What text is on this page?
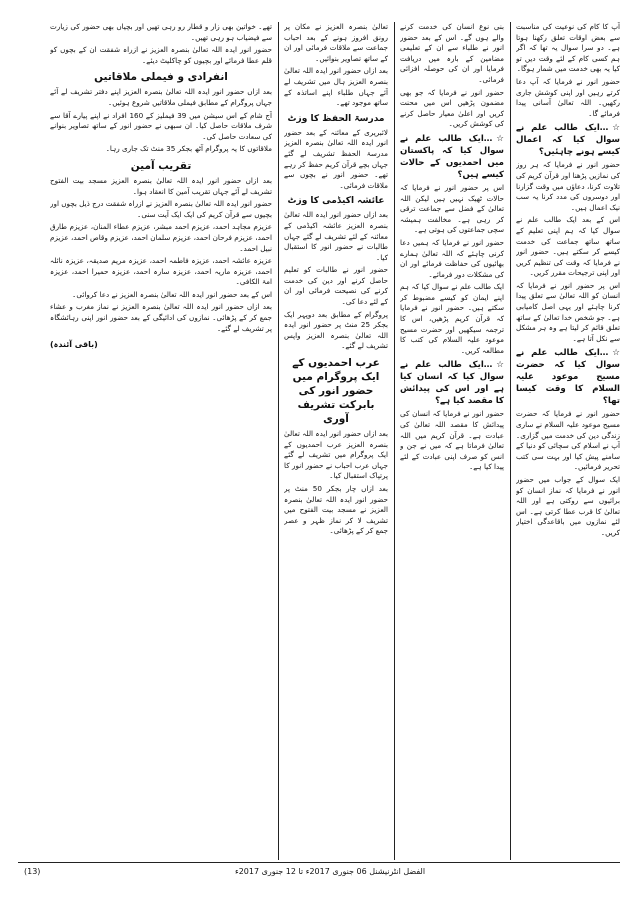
آپ کا کام کی نوعیت کی مناسبت سے بعض اوقات تعلق رکھنا ہوتا ہے۔ دو سرا سوال یہ تھا کہ اگر ہم کسی کام کے لئے وقت دیں تو کیا یہ بھی خدمت میں شمار ہوگا۔

حضور انور نے فرمایا کہ آپ دعا کرتے رہیں اور اپنی کوشش جاری رکھیں۔ اللہ تعالیٰ آسانی پیدا فرمائے گا۔

☆…ایک طالب علم نے سوال کیا کہ اعمال کیسے ہونے چاہئیں؟

حضور انور نے فرمایا کہ ہر روز کی نمازیں پڑھنا اور قرآن کریم کی تلاوت کرنا، دعاؤں میں وقت گزارنا اور دوسروں کی مدد کرنا یہ سب نیک اعمال ہیں۔

اس کے بعد ایک طالب علم نے سوال کیا کہ ہم اپنی تعلیم کے ساتھ ساتھ جماعت کی خدمت کیسے کر سکتے ہیں۔ حضور انور نے فرمایا کہ وقت کی تنظیم کریں اور اپنی ترجیحات مقرر کریں۔

اس پر حضور انور نے فرمایا کہ انسان کو اللہ تعالیٰ سے تعلق پیدا کرنا چاہئے اور یہی اصل کامیابی ہے۔ جو شخص خدا تعالیٰ کے ساتھ تعلق قائم کر لیتا ہے وہ ہر مشکل سے نکل آتا ہے۔

☆…ایک طالب علم نے سوال کیا کہ حضرت مسیح موعود علیہ السلام کا وقت کیسا تھا؟

حضور انور نے فرمایا کہ حضرت مسیح موعود علیہ السلام نے ساری زندگی دین کی خدمت میں گزاری۔ آپ نے اسلام کی سچائی کو دنیا کے سامنے پیش کیا اور بہت سی کتب تحریر فرمائیں۔

ایک سوال کے جواب میں حضور انور نے فرمایا کہ نماز انسان کو برائیوں سے روکتی ہے اور اللہ تعالیٰ کا قرب عطا کرتی ہے۔ اس لئے نمازوں میں باقاعدگی اختیار کریں۔

بنی نوع انسان کی خدمت کرنے والے ہوں گے۔ اس کے بعد حضور انور نے طلباء سے ان کے تعلیمی مضامین کے بارہ میں دریافت فرمایا اور ان کی حوصلہ افزائی فرمائی۔

حضور انور نے فرمایا کہ جو بھی مضمون پڑھیں اس میں محنت کریں اور اعلیٰ معیار حاصل کرنے کی کوشش کریں۔

☆…ایک طالب علم نے سوال کیا کہ پاکستان میں احمدیوں کے حالات کیسے ہیں؟

اس پر حضور انور نے فرمایا کہ حالات ٹھیک نہیں ہیں لیکن اللہ تعالیٰ کے فضل سے جماعت ترقی کر رہی ہے۔ مخالفت ہمیشہ سچی جماعتوں کی ہوتی ہے۔

حضور انور نے فرمایا کہ ہمیں دعا کرنی چاہئے کہ اللہ تعالیٰ ہمارے بھائیوں کی حفاظت فرمائے اور ان کی مشکلات دور فرمائے۔

ایک طالب علم نے سوال کیا کہ ہم اپنے ایمان کو کیسے مضبوط کر سکتے ہیں۔ حضور انور نے فرمایا کہ قرآن کریم پڑھیں، اس کا ترجمہ سیکھیں اور حضرت مسیح موعود علیہ السلام کی کتب کا مطالعہ کریں۔

☆…ایک طالب علم نے سوال کیا کہ انسان کیا ہے اور اس کی پیدائش کا مقصد کیا ہے؟

حضور انور نے فرمایا کہ انسان کی پیدائش کا مقصد اللہ تعالیٰ کی عبادت ہے۔ قرآن کریم میں اللہ تعالیٰ فرماتا ہے کہ میں نے جن و انس کو صرف اپنی عبادت کے لئے پیدا کیا ہے۔

تعالیٰ بنصرہ العزیز نے مکان پر رونق افروز ہونے کے بعد احباب جماعت سے ملاقات فرمائی اور ان کے ساتھ تصاویر بنوائیں۔

بعد ازاں حضور انور ایدہ اللہ تعالیٰ بنصرہ العزیز ہال میں تشریف لے آئے جہاں طلباء اپنے اساتذہ کے ساتھ موجود تھے۔

مدرسۃ الحفظ کا وزٹ

لائبریری کے معائنہ کے بعد حضور انور ایدہ اللہ تعالیٰ بنصرہ العزیز مدرسۃ الحفظ تشریف لے گئے جہاں بچے قرآن کریم حفظ کر رہے تھے۔ حضور انور نے بچوں سے ملاقات فرمائی۔

عائشہ اکیڈمی کا وزٹ

بعد ازاں حضور انور ایدہ اللہ تعالیٰ بنصرہ العزیز عائشہ اکیڈمی کے معائنہ کے لئے تشریف لے گئے جہاں طالبات نے حضور انور کا استقبال کیا۔

حضور انور نے طالبات کو تعلیم حاصل کرنے اور دین کی خدمت کرنے کی نصیحت فرمائی اور ان کے لئے دعا کی۔

پروگرام کے مطابق بعد دوپہر ایک بجکر 25 منٹ پر حضور انور ایدہ اللہ تعالیٰ بنصرہ العزیز واپس تشریف لے گئے۔

عرب احمدیوں کے ایک پروگرام میں حضور انور کی بابرکت تشریف آوری

بعد ازاں حضور انور ایدہ اللہ تعالیٰ بنصرہ العزیز عرب احمدیوں کے ایک پروگرام میں تشریف لے گئے جہاں عرب احباب نے حضور انور کا پرتپاک استقبال کیا۔

بعد ازاں چار بجکر 50 منٹ پر حضور انور ایدہ اللہ تعالیٰ بنصرہ العزیز نے مسجد بیت الفتوح میں تشریف لا کر نماز ظہر و عصر جمع کر کے پڑھائی۔

تھے۔ خواتین بھی زار و قطار رو رہی تھیں اور بچیاں بھی حضور کی زیارت سے فیضیاب ہو رہی تھیں۔

حضور انور ایدہ اللہ تعالیٰ بنصرہ العزیز نے ازراہ شفقت ان کے بچوں کو قلم عطا فرمائے اور بچیوں کو چاکلیٹ دیئے۔

انفرادی و فیملی ملاقاتیں

بعد ازاں حضور انور ایدہ اللہ تعالیٰ بنصرہ العزیز اپنے دفتر تشریف لے آئے جہاں پروگرام کے مطابق فیملی ملاقاتیں شروع ہوئیں۔

آج شام کے اس سیشن میں 39 فیملیز کے 160 افراد نے اپنے پیارے آقا سے شرف ملاقات حاصل کیا۔ ان سبھی نے حضور انور کے ساتھ تصاویر بنوانے کی سعادت حاصل کی۔

ملاقاتوں کا یہ پروگرام آٹھ بجکر 35 منٹ تک جاری رہا۔

تقریب آمین

بعد ازاں حضور انور ایدہ اللہ تعالیٰ بنصرہ العزیز مسجد بیت الفتوح تشریف لے آئے جہاں تقریب آمین کا انعقاد ہوا۔

حضور انور ایدہ اللہ تعالیٰ بنصرہ العزیز نے ازراہ شفقت درج ذیل بچوں اور بچیوں سے قرآن کریم کی ایک ایک آیت سنی۔

عزیزم مجاہد احمد، عزیزم احمد مبشر، عزیزم عطاء المنان، عزیزم طارق احمد، عزیزم فرحان احمد، عزیزم سلمان احمد، عزیزم وقاص احمد، عزیزم نبیل احمد۔

عزیزہ عائشہ احمد، عزیزہ فاطمہ احمد، عزیزہ مریم صدیقہ، عزیزہ نائلہ احمد، عزیزہ ماریہ احمد، عزیزہ سارہ احمد، عزیزہ حمیرا احمد، عزیزہ امۃ الکافی۔

اس کے بعد حضور انور ایدہ اللہ تعالیٰ بنصرہ العزیز نے دعا کروائی۔

بعد ازاں حضور انور ایدہ اللہ تعالیٰ بنصرہ العزیز نے نماز مغرب و عشاء جمع کر کے پڑھائی۔ نمازوں کی ادائیگی کے بعد حضور انور اپنی رہائشگاہ پر تشریف لے گئے۔

(باقی آئندہ)
الفضل انٹرنیشنل 06 جنوری 2017ء تا 12 جنوری 2017ء
(13)
